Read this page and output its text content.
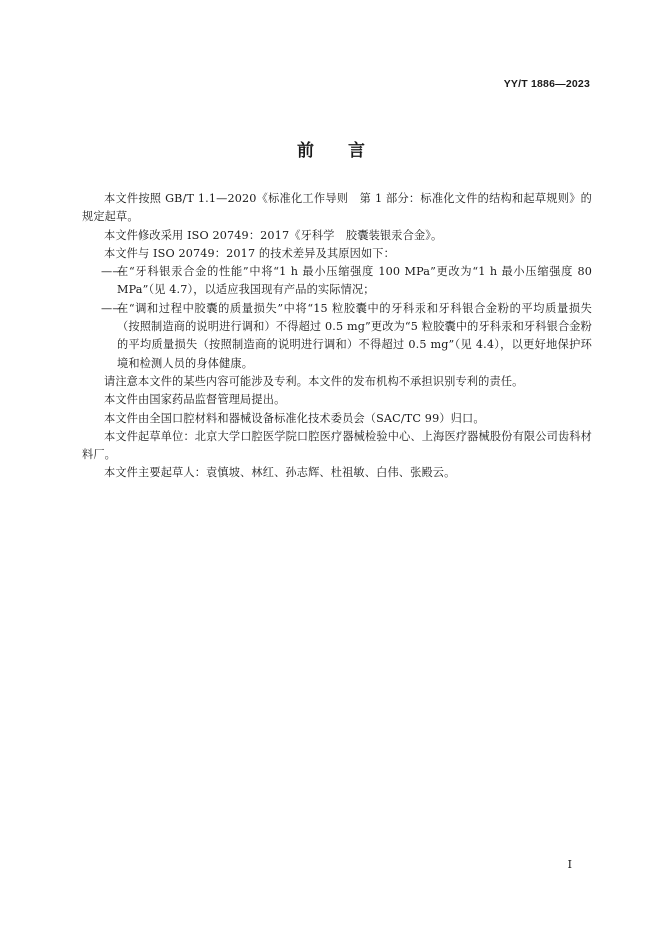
YY/T 1886—2023
前言

本文件按照 GB/T 1.1—2020《标准化工作导则　第 1 部分：标准化文件的结构和起草规则》的规定起草。

本文件修改采用 ISO 20749：2017《牙科学　胶囊装银汞合金》。

本文件与 ISO 20749：2017 的技术差异及其原因如下：

——
在“牙科银汞合金的性能”中将“1 h 最小压缩强度 100 MPa”更改为“1 h 最小压缩强度 80 MPa”（见 4.7），以适应我国现有产品的实际情况；

——
在“调和过程中胶囊的质量损失”中将“15 粒胶囊中的牙科汞和牙科银合金粉的平均质量损失（按照制造商的说明进行调和）不得超过 0.5 mg”更改为“5 粒胶囊中的牙科汞和牙科银合金粉的平均质量损失（按照制造商的说明进行调和）不得超过 0.5 mg”（见 4.4），以更好地保护环境和检测人员的身体健康。

请注意本文件的某些内容可能涉及专利。本文件的发布机构不承担识别专利的责任。

本文件由国家药品监督管理局提出。

本文件由全国口腔材料和器械设备标准化技术委员会（SAC/TC 99）归口。

本文件起草单位：北京大学口腔医学院口腔医疗器械检验中心、上海医疗器械股份有限公司齿科材料厂。

本文件主要起草人：袁慎坡、林红、孙志辉、杜祖敏、白伟、张殿云。

I
